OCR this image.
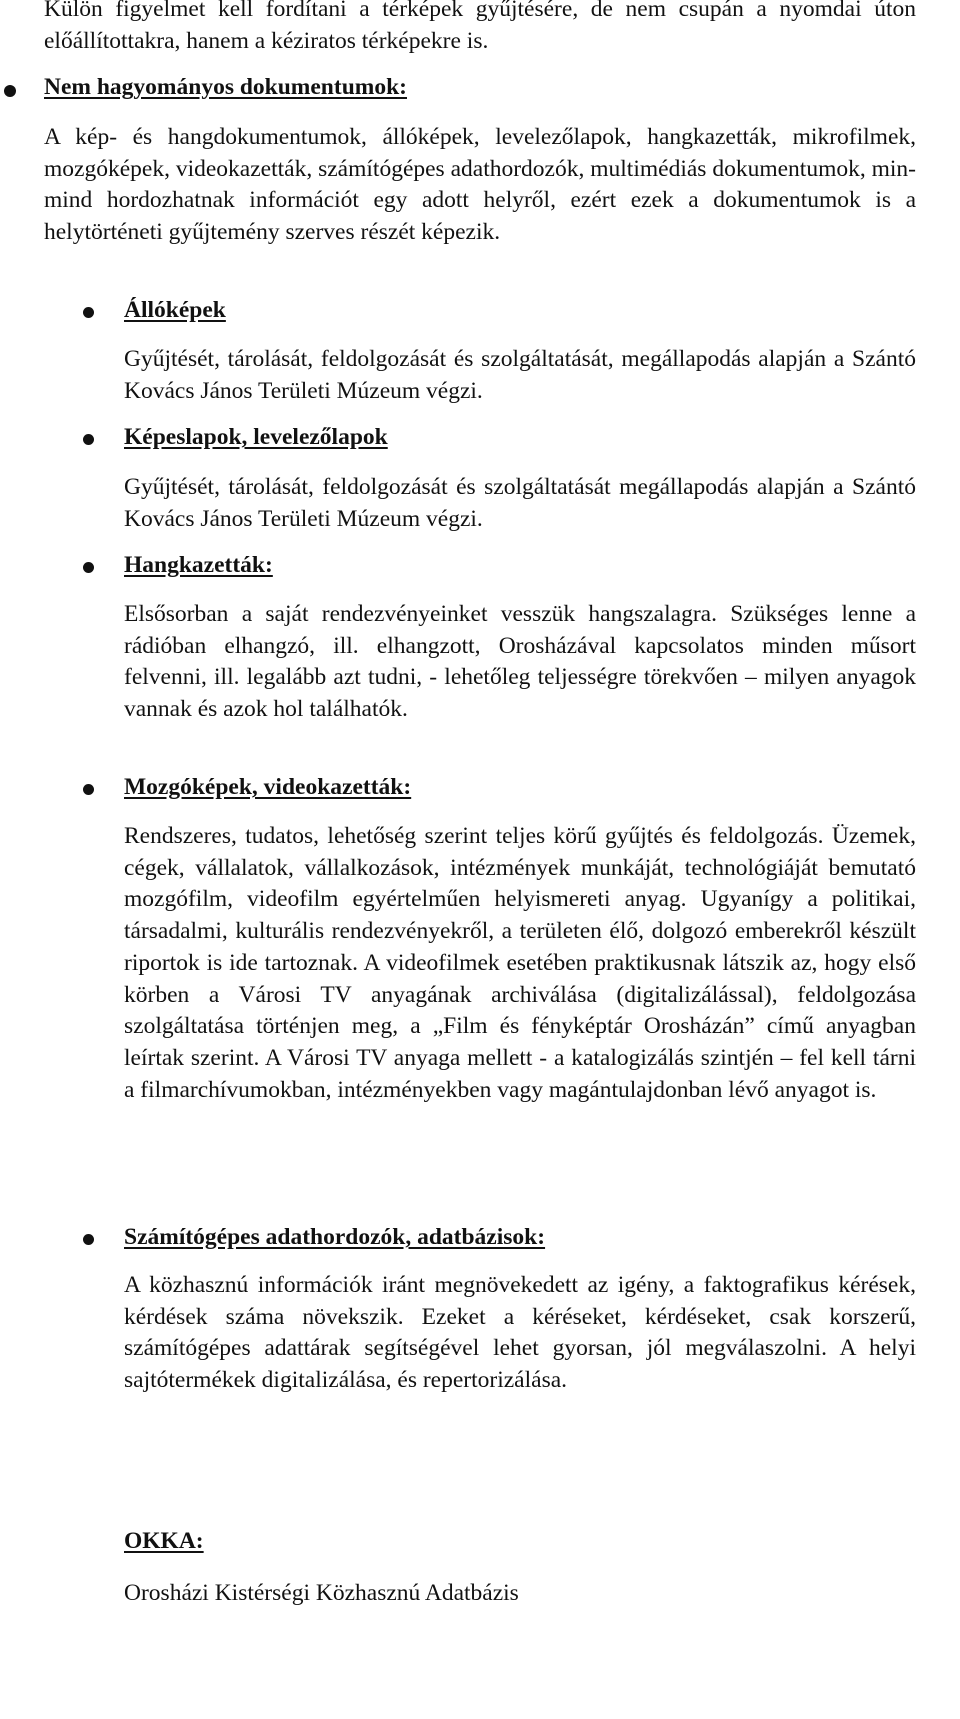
Külön figyelmet kell fordítani a térképek gyűjtésére, de nem csupán a nyomdai úton előállítottakra, hanem a kéziratos térképekre is.
Nem hagyományos dokumentumok:
A kép- és hangdokumentumok, állóképek, levelezőlapok, hangkazetták, mikrofilmek, mozgóképek, videokazetták, számítógépes adathordozók, multimédiás dokumentumok, min-mind hordozhatnak információt egy adott helyről, ezért ezek a dokumentumok is a helytörténeti gyűjtemény szerves részét képezik.
Állóképek
Gyűjtését, tárolását, feldolgozását és szolgáltatását, megállapodás alapján a Szántó Kovács János Területi Múzeum végzi.
Képeslapok, levelezőlapok
Gyűjtését, tárolását, feldolgozását és szolgáltatását megállapodás alapján a Szántó Kovács János Területi Múzeum végzi.
Hangkazetták:
Elsősorban a saját rendezvényeinket vesszük hangszalagra. Szükséges lenne a rádióban elhangzó, ill. elhangzott, Orosházával kapcsolatos minden műsort felvenni, ill. legalább azt tudni, - lehetőleg teljességre törekvően – milyen anyagok vannak és azok hol találhatók.
Mozgóképek, videokazetták:
Rendszeres, tudatos, lehetőség szerint teljes körű gyűjtés és feldolgozás. Üzemek, cégek, vállalatok, vállalkozások, intézmények munkáját, technológiáját bemutató mozgófilm, videofilm egyértelműen helyismereti anyag. Ugyanígy a politikai, társadalmi, kulturális rendezvényekről, a területen élő, dolgozó emberekről készült riportok is ide tartoznak. A videofilmek esetében praktikusnak látszik az, hogy első körben a Városi TV anyagának archiválása (digitalizálással), feldolgozása szolgáltatása történjen meg, a „Film és fényképtár Orosházán” című anyagban leírtak szerint. A Városi TV anyaga mellett - a katalogizálás szintjén – fel kell tárni a filmarchívumokban, intézményekben vagy magántulajdonban lévő anyagot is.
Számítógépes adathordozók, adatbázisok:
A közhasznú információk iránt megnövekedett az igény, a faktografikus kérések, kérdések száma növekszik. Ezeket a kéréseket, kérdéseket, csak korszerű, számítógépes adattárak segítségével lehet gyorsan, jól megválaszolni. A helyi sajtótermékek digitalizálása, és repertorizálása.
OKKA:
Orosházi Kistérségi Közhasznú Adatbázis
